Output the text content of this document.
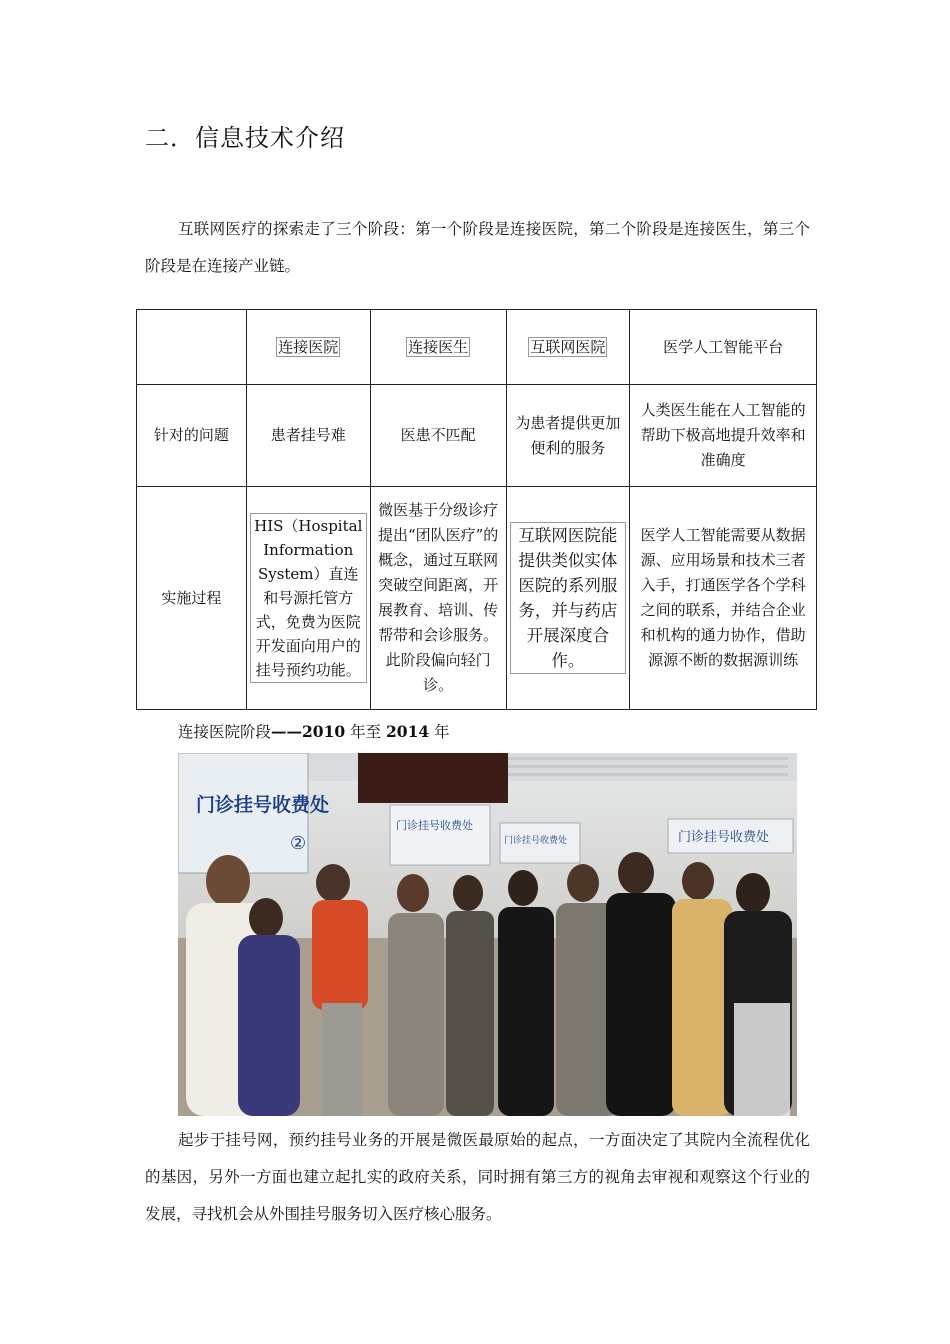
二．信息技术介绍
互联网医疗的探索走了三个阶段：第一个阶段是连接医院，第二个阶段是连接医生，第三个阶段是在连接产业链。
	连接医院	连接医生	互联网医院	医学人工智能平台
针对的问题	患者挂号难	医患不匹配	为患者提供更加便利的服务	人类医生能在人工智能的帮助下极高地提升效率和准确度
实施过程	HIS（Hospital Information System）直连和号源托管方式，免费为医院开发面向用户的挂号预约功能。	微医基于分级诊疗提出“团队医疗”的概念，通过互联网突破空间距离，开展教育、培训、传帮带和会诊服务。此阶段偏向轻门诊。	互联网医院能提供类似实体医院的系列服务，并与药店开展深度合作。	医学人工智能需要从数据源、应用场景和技术三者入手，打通医学各个学科之间的联系，并结合企业和机构的通力协作，借助源源不断的数据源训练
连接医院阶段——2010 年至 2014 年
门诊挂号收费处
②
门诊挂号收费处
门诊挂号收费处	门诊挂号收费处
起步于挂号网，预约挂号业务的开展是微医最原始的起点，一方面决定了其院内全流程优化的基因，另外一方面也建立起扎实的政府关系，同时拥有第三方的视角去审视和观察这个行业的发展，寻找机会从外围挂号服务切入医疗核心服务。
